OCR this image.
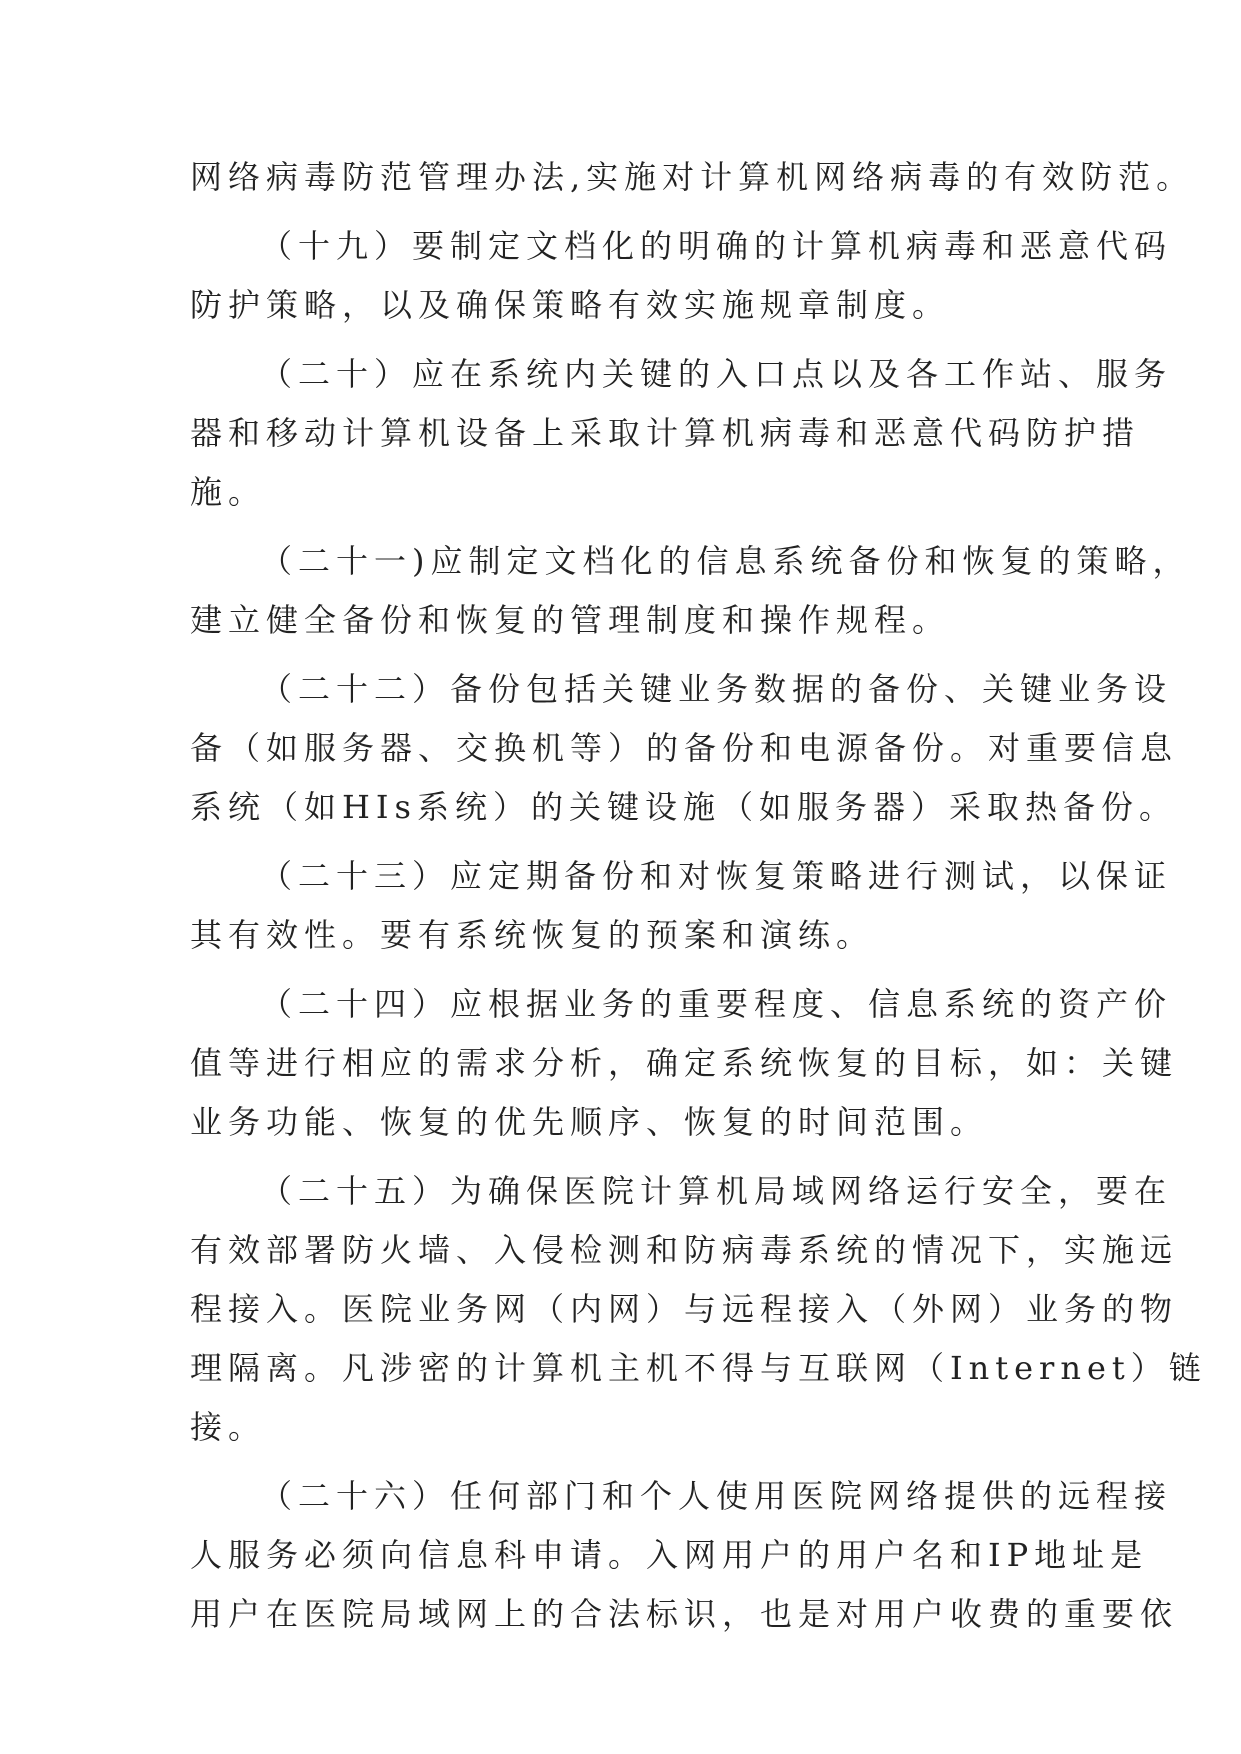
网络病毒防范管理办法,实施对计算机网络病毒的有效防范。
（十九）要制定文档化的明确的计算机病毒和恶意代码
防护策略，以及确保策略有效实施规章制度。
（二十）应在系统内关键的入口点以及各工作站、服务
器和移动计算机设备上采取计算机病毒和恶意代码防护措
施。
（二十一)应制定文档化的信息系统备份和恢复的策略，
建立健全备份和恢复的管理制度和操作规程。
（二十二）备份包括关键业务数据的备份、关键业务设
备（如服务器、交换机等）的备份和电源备份。对重要信息
系统（如HIs系统）的关键设施（如服务器）采取热备份。
（二十三）应定期备份和对恢复策略进行测试，以保证
其有效性。要有系统恢复的预案和演练。
（二十四）应根据业务的重要程度、信息系统的资产价
值等进行相应的需求分析，确定系统恢复的目标，如：关键
业务功能、恢复的优先顺序、恢复的时间范围。
（二十五）为确保医院计算机局域网络运行安全，要在
有效部署防火墙、入侵检测和防病毒系统的情况下，实施远
程接入。医院业务网（内网）与远程接入（外网）业务的物
理隔离。凡涉密的计算机主机不得与互联网（Internet）链
接。
（二十六）任何部门和个人使用医院网络提供的远程接
人服务必须向信息科申请。入网用户的用户名和IP地址是
用户在医院局域网上的合法标识，也是对用户收费的重要依
